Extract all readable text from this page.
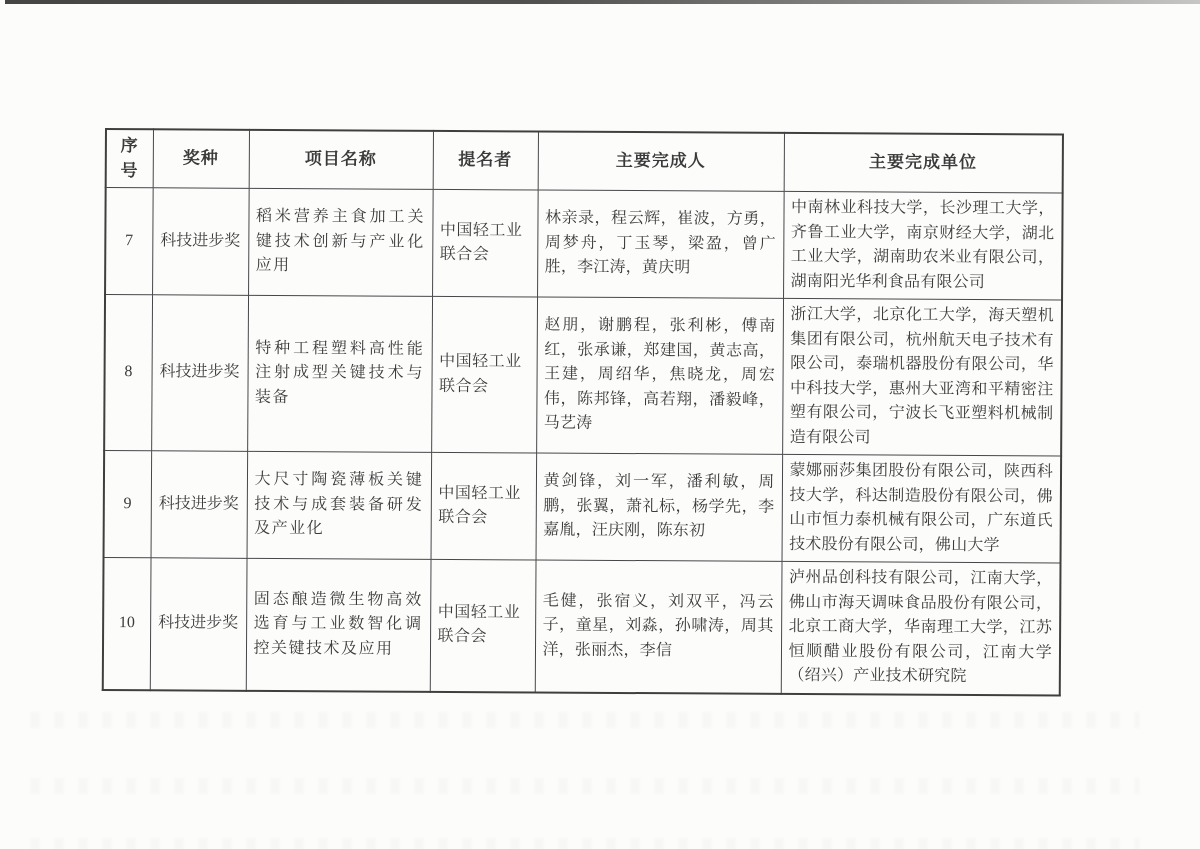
序号	奖种	项目名称	提名者	主要完成人	主要完成单位
7	科技进步奖	稻米营养主食加工关键技术创新与产业化应用	中国轻工业联合会	林亲录，程云辉，崔波，方勇，周梦舟，丁玉琴，梁盈，曾广胜，李江涛，黄庆明	中南林业科技大学，长沙理工大学，齐鲁工业大学，南京财经大学，湖北工业大学，湖南助农米业有限公司，湖南阳光华利食品有限公司
8	科技进步奖	特种工程塑料高性能注射成型关键技术与装备	中国轻工业联合会	赵朋，谢鹏程，张利彬，傅南红，张承谦，郑建国，黄志高，王建，周绍华，焦晓龙，周宏伟，陈邦锋，高若翔，潘毅峰，马艺涛	浙江大学，北京化工大学，海天塑机集团有限公司，杭州航天电子技术有限公司，泰瑞机器股份有限公司，华中科技大学，惠州大亚湾和平精密注塑有限公司，宁波长飞亚塑料机械制造有限公司
9	科技进步奖	大尺寸陶瓷薄板关键技术与成套装备研发及产业化	中国轻工业联合会	黄剑锋，刘一军，潘利敏，周鹏，张翼，萧礼标，杨学先，李嘉胤，汪庆刚，陈东初	蒙娜丽莎集团股份有限公司，陕西科技大学，科达制造股份有限公司，佛山市恒力泰机械有限公司，广东道氏技术股份有限公司，佛山大学
10	科技进步奖	固态酿造微生物高效选育与工业数智化调控关键技术及应用	中国轻工业联合会	毛健，张宿义，刘双平，冯云子，童星，刘淼，孙啸涛，周其洋，张丽杰，李信	泸州品创科技有限公司，江南大学，佛山市海天调味食品股份有限公司，北京工商大学，华南理工大学，江苏恒顺醋业股份有限公司，江南大学（绍兴）产业技术研究院
